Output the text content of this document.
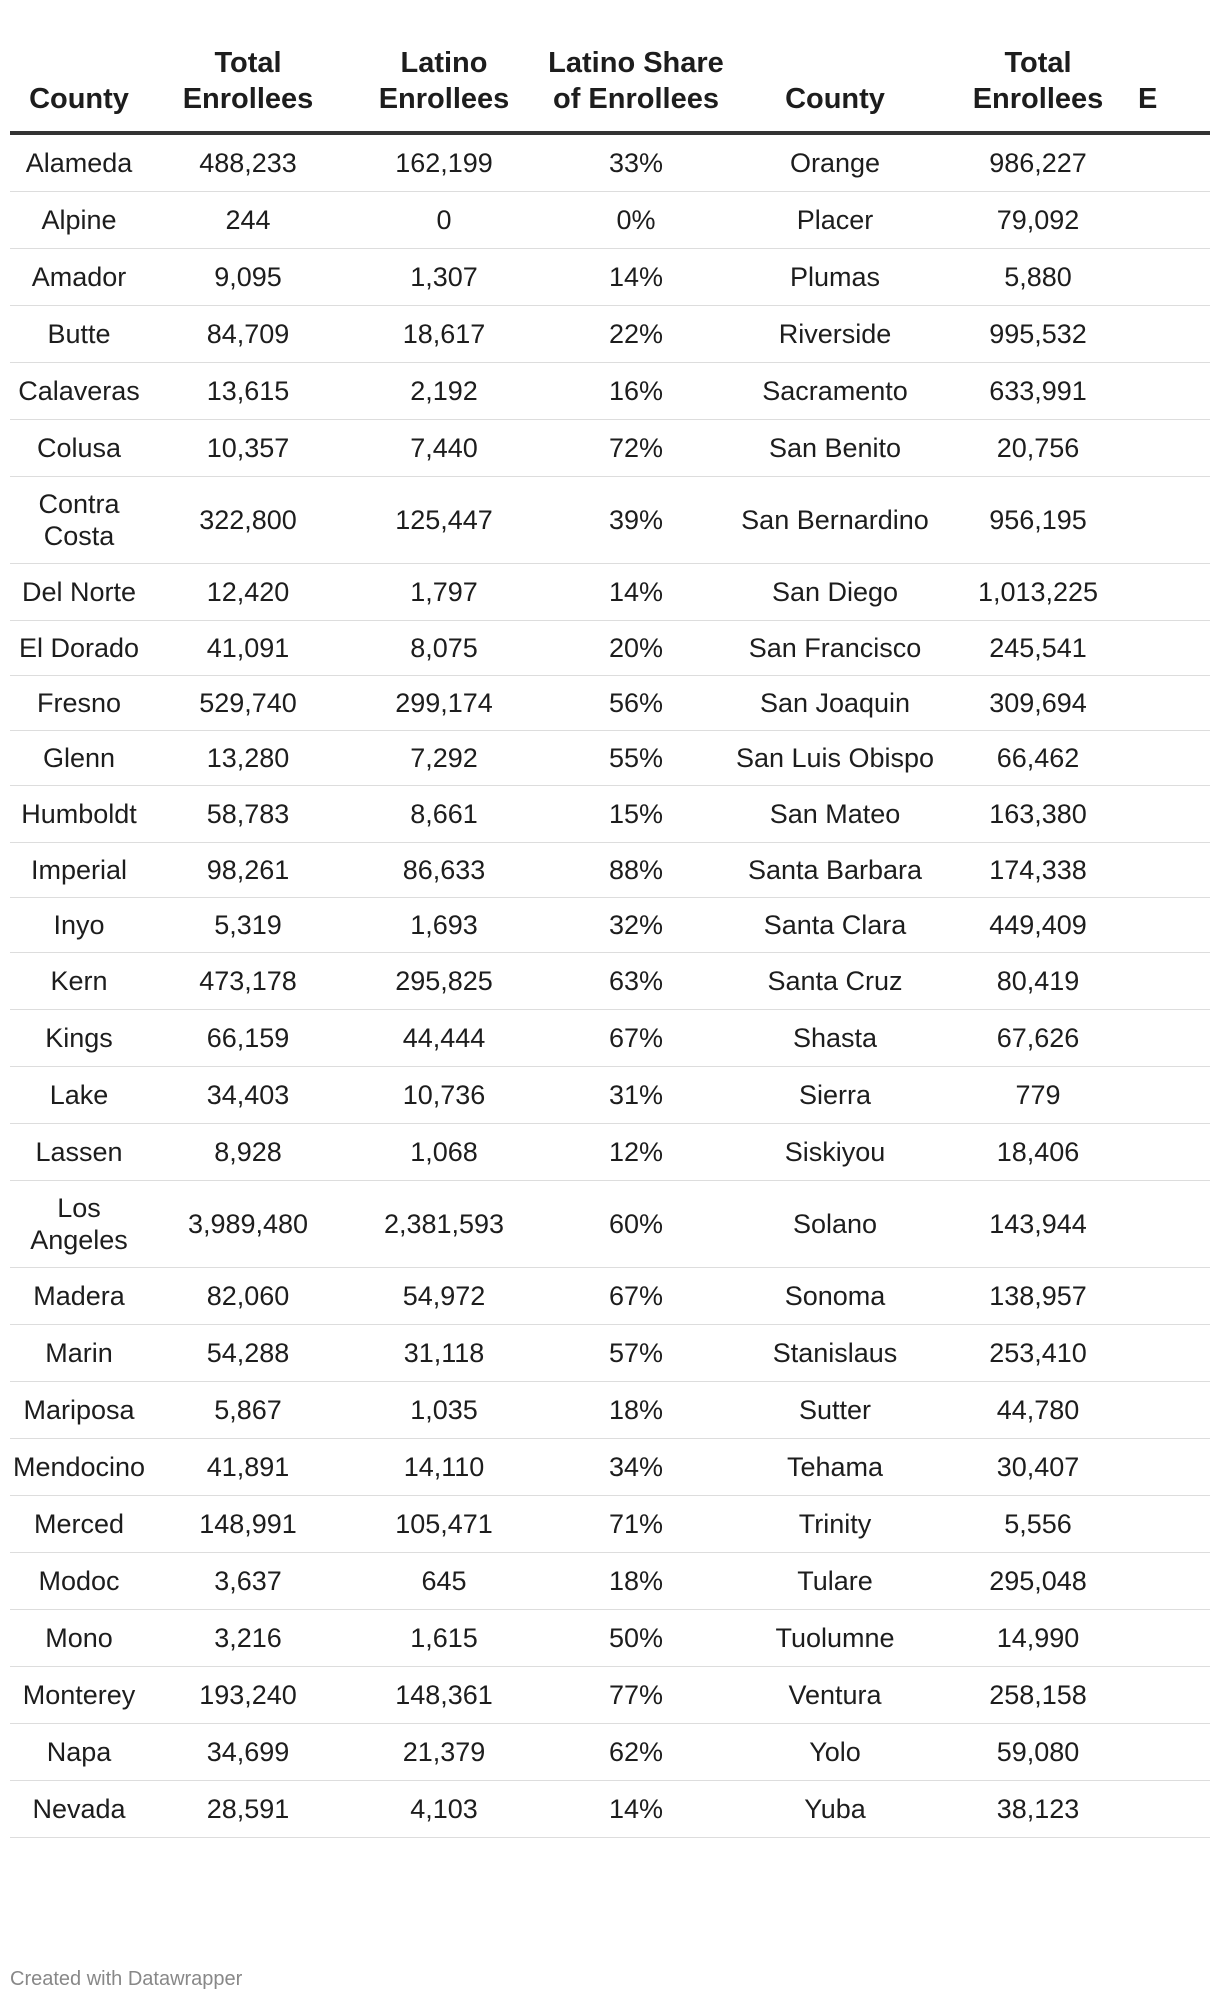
County	Total Enrollees	Latino Enrollees	Latino Share of Enrollees	County	Total Enrollees	E
Alameda	488,233	162,199	33%	Orange	986,227	
Alpine	244	0	0%	Placer	79,092	
Amador	9,095	1,307	14%	Plumas	5,880	
Butte	84,709	18,617	22%	Riverside	995,532	
Calaveras	13,615	2,192	16%	Sacramento	633,991	
Colusa	10,357	7,440	72%	San Benito	20,756	
Contra Costa	322,800	125,447	39%	San Bernardino	956,195	
Del Norte	12,420	1,797	14%	San Diego	1,013,225	
El Dorado	41,091	8,075	20%	San Francisco	245,541	
Fresno	529,740	299,174	56%	San Joaquin	309,694	
Glenn	13,280	7,292	55%	San Luis Obispo	66,462	
Humboldt	58,783	8,661	15%	San Mateo	163,380	
Imperial	98,261	86,633	88%	Santa Barbara	174,338	
Inyo	5,319	1,693	32%	Santa Clara	449,409	
Kern	473,178	295,825	63%	Santa Cruz	80,419	
Kings	66,159	44,444	67%	Shasta	67,626	
Lake	34,403	10,736	31%	Sierra	779	
Lassen	8,928	1,068	12%	Siskiyou	18,406	
Los Angeles	3,989,480	2,381,593	60%	Solano	143,944	
Madera	82,060	54,972	67%	Sonoma	138,957	
Marin	54,288	31,118	57%	Stanislaus	253,410	
Mariposa	5,867	1,035	18%	Sutter	44,780	
Mendocino	41,891	14,110	34%	Tehama	30,407	
Merced	148,991	105,471	71%	Trinity	5,556	
Modoc	3,637	645	18%	Tulare	295,048	
Mono	3,216	1,615	50%	Tuolumne	14,990	
Monterey	193,240	148,361	77%	Ventura	258,158	
Napa	34,699	21,379	62%	Yolo	59,080	
Nevada	28,591	4,103	14%	Yuba	38,123	
Created with Datawrapper
